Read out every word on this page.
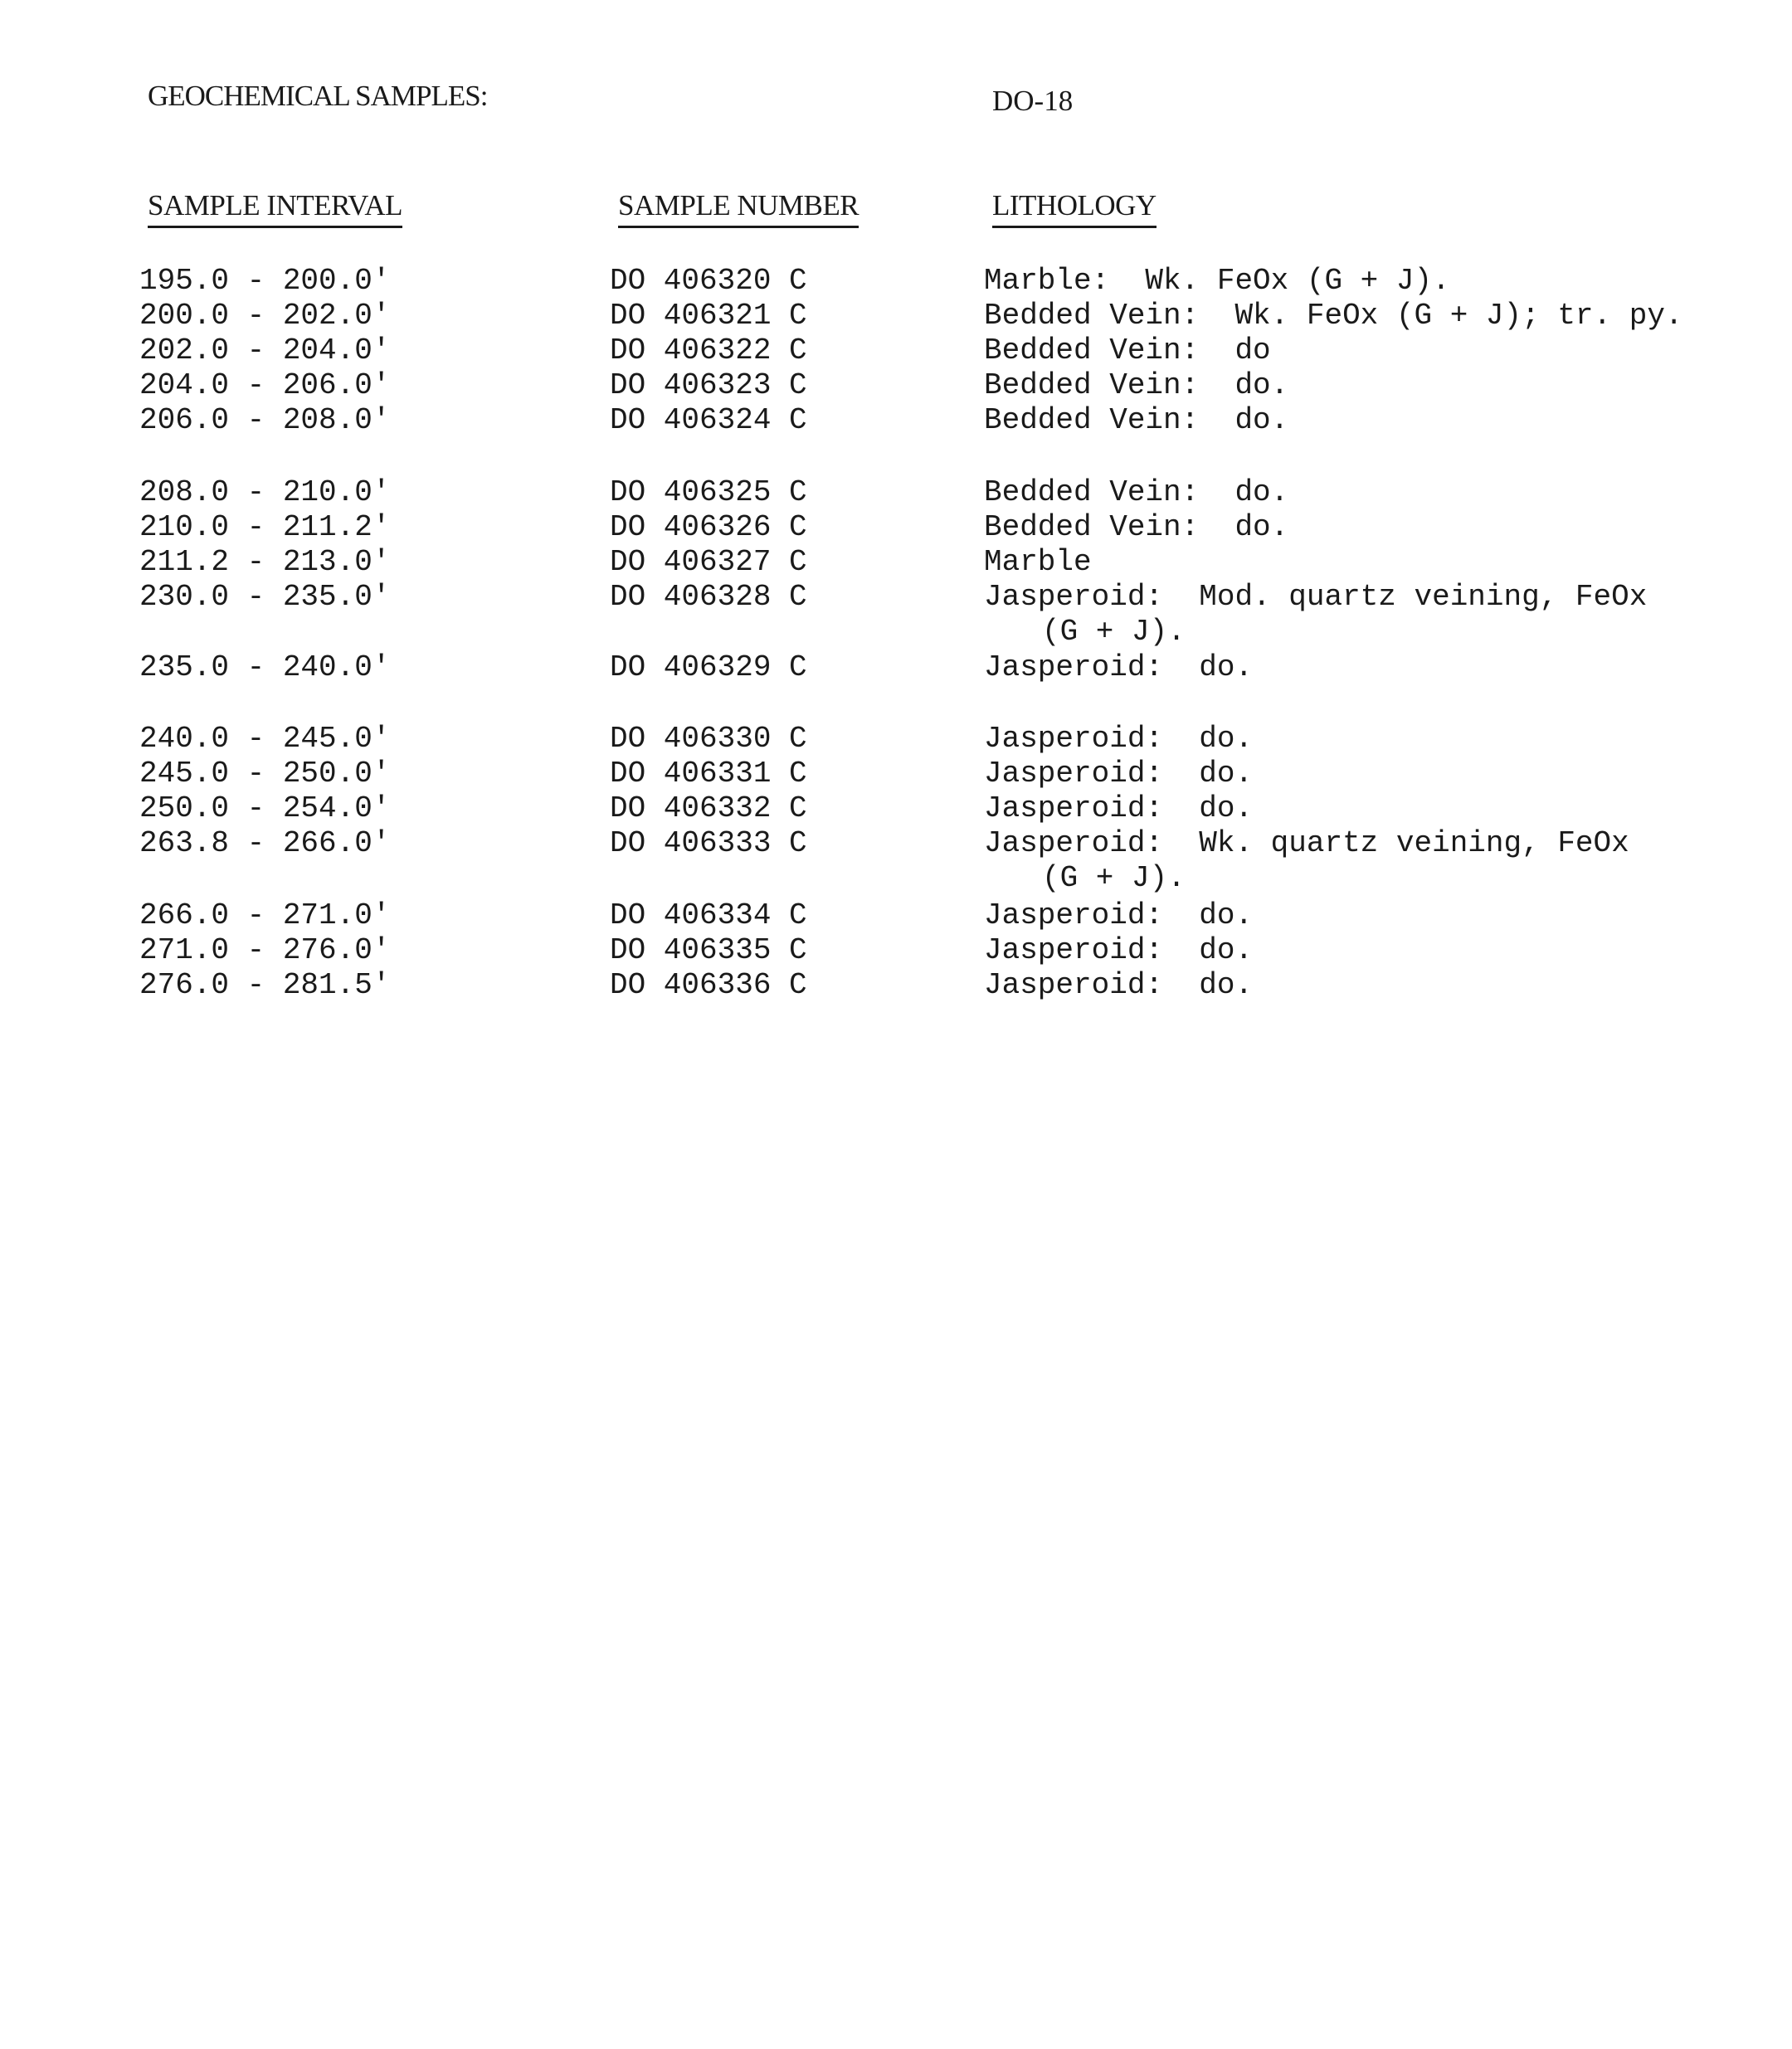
GEOCHEMICAL SAMPLES:	DO-18
SAMPLE INTERVAL	SAMPLE NUMBER	LITHOLOGY
195.0 - 200.0'	DO 406320 C	Marble:  Wk. FeOx (G + J).
200.0 - 202.0'	DO 406321 C	Bedded Vein:  Wk. FeOx (G + J); tr. py.
202.0 - 204.0'	DO 406322 C	Bedded Vein:  do
204.0 - 206.0'	DO 406323 C	Bedded Vein:  do.
206.0 - 208.0'	DO 406324 C	Bedded Vein:  do.
208.0 - 210.0'	DO 406325 C	Bedded Vein:  do.
210.0 - 211.2'	DO 406326 C	Bedded Vein:  do.
211.2 - 213.0'	DO 406327 C	Marble
230.0 - 235.0'	DO 406328 C	Jasperoid:  Mod. quartz veining, FeOx
(G + J).
235.0 - 240.0'	DO 406329 C	Jasperoid:  do.
240.0 - 245.0'	DO 406330 C	Jasperoid:  do.
245.0 - 250.0'	DO 406331 C	Jasperoid:  do.
250.0 - 254.0'	DO 406332 C	Jasperoid:  do.
263.8 - 266.0'	DO 406333 C	Jasperoid:  Wk. quartz veining, FeOx
(G + J).
266.0 - 271.0'	DO 406334 C	Jasperoid:  do.
271.0 - 276.0'	DO 406335 C	Jasperoid:  do.
276.0 - 281.5'	DO 406336 C	Jasperoid:  do.
